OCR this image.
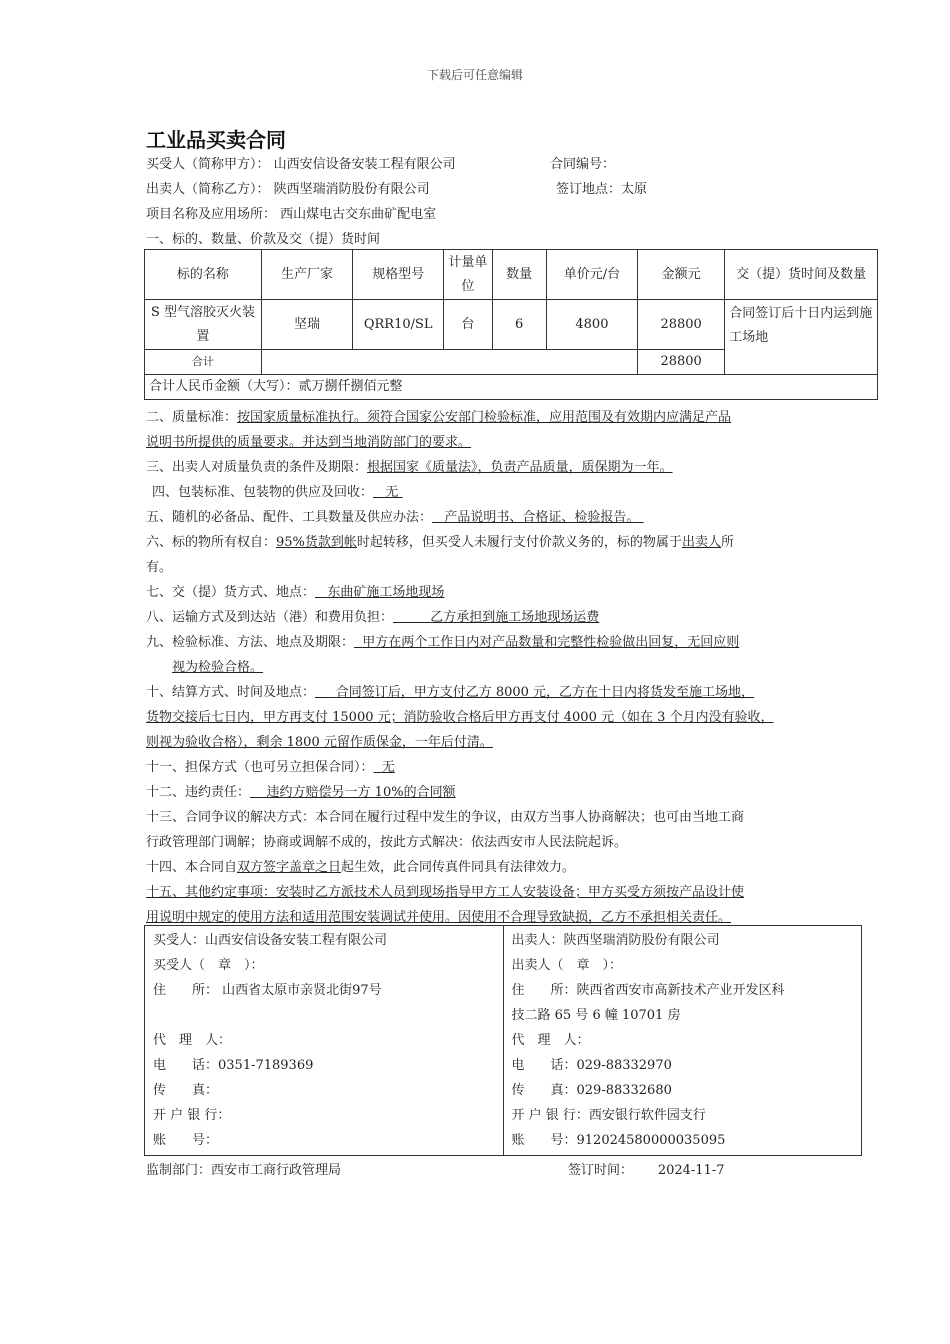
下载后可任意编辑
工业品买卖合同
买受人（简称甲方）： 山西安信设备安装工程有限公司	合同编号：
出卖人（简称乙方）： 陕西坚瑞消防股份有限公司	签订地点：太原
项目名称及应用场所： 西山煤电古交东曲矿配电室
一、标的、数量、价款及交（提）货时间
标的名称	生产厂家	规格型号	计量单位	数量	单价元/台	金额元	交（提）货时间及数量
S 型气溶胶灭火装置	坚瑞	QRR10/SL	台	6	4800	28800	合同签订后十日内运到施工场地
合计						28800	
合计人民币金额（大写）：贰万捌仟捌佰元整							
二、质量标准：按国家质量标准执行。须符合国家公安部门检验标准，应用范围及有效期内应满足产品
说明书所提供的质量要求。并达到当地消防部门的要求。
三、出卖人对质量负责的条件及期限：根据国家《质量法》，负责产品质量，质保期为一年。
四、包装标准、包装物的供应及回收： 无
五、随机的必备品、配件、工具数量及供应办法： 产品说明书、合格证、检验报告。
六、标的物所有权自：95%货款到帐时起转移，但买受人未履行支付价款义务的，标的物属于出卖人所
有。
七、交（提）货方式、地点： 东曲矿施工场地现场
八、运输方式及到达站（港）和费用负担：	乙方承担到施工场地现场运费
九、检验标准、方法、地点及期限： 甲方在两个工作日内对产品数量和完整性检验做出回复，无回应则
视为检验合格。
十、结算方式、时间及地点： 合同签订后，甲方支付乙方 8000 元，乙方在十日内将货发至施工场地，
货物交接后七日内，甲方再支付 15000 元；消防验收合格后甲方再支付 4000 元（如在 3 个月内没有验收，
则视为验收合格），剩余 1800 元留作质保金，一年后付清。
十一、担保方式（也可另立担保合同）： 无
十二、违约责任： 违约方赔偿另一方 10%的合同额
十三、合同争议的解决方式：本合同在履行过程中发生的争议，由双方当事人协商解决；也可由当地工商
行政管理部门调解；协商或调解不成的，按此方式解决：依法西安市人民法院起诉。
十四、本合同自双方签字盖章之日起生效，此合同传真件同具有法律效力。
十五、其他约定事项：安装时乙方派技术人员到现场指导甲方工人安装设备；甲方买受方须按产品设计使
用说明中规定的使用方法和适用范围安装调试并使用。因使用不合理导致缺损，乙方不承担相关责任。
买受人：山西安信设备安装工程有限公司
买受人（　章　）：
住　　所： 山西省太原市亲贤北街97号

代　理　人：
电　　话：0351-7189369
传　　真：
开 户 银 行：
账　　号：

出卖人：陕西坚瑞消防股份有限公司
出卖人（　章　）：
住　　所：陕西省西安市高新技术产业开发区科
技二路 65 号 6 幢 10701 房
代　理　人：
电　　话：029-88332970
传　　真：029-88332680
开 户 银 行：西安银行软件园支行
账　　号：912024580000035095
监制部门：西安市工商行政管理局	签订时间： 2024-11-7
